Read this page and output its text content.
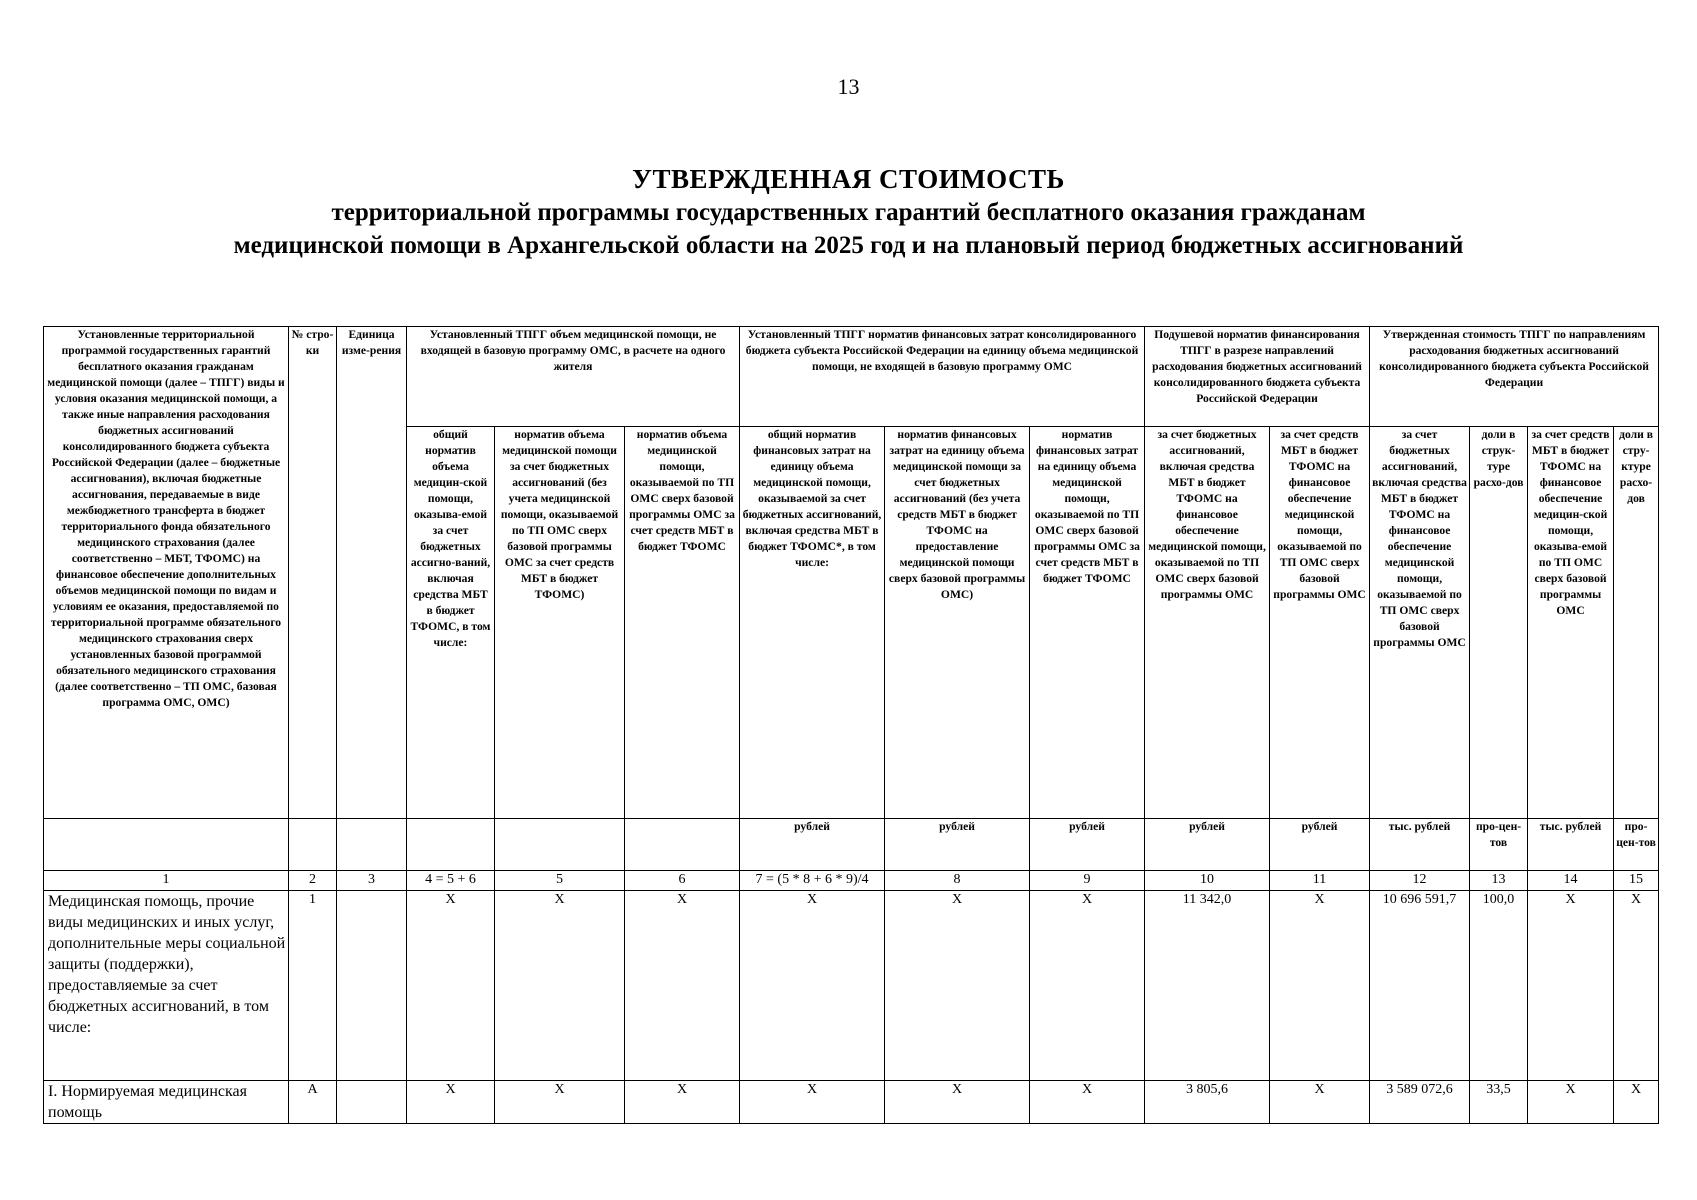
13
УТВЕРЖДЕННАЯ СТОИМОСТЬ
территориальной программы государственных гарантий бесплатного оказания гражданам
медицинской помощи в Архангельской области на 2025 год и на плановый период бюджетных ассигнований
Установленные территориальной программой государственных гарантий бесплатного оказания гражданам медицинской помощи (далее – ТПГГ) виды и условия оказания медицинской помощи, а также иные направления расходования бюджетных ассигнований консолидированного бюджета субъекта Российской Федерации (далее – бюджетные ассигнования), включая бюджетные ассигнования, передаваемые в виде межбюджетного трансферта в бюджет территориального фонда обязательного медицинского страхования (далее соответственно – МБТ, ТФОМС) на финансовое обеспечение дополнительных объемов медицинской помощи по видам и условиям ее оказания, предоставляемой по территориальной программе обязательного медицинского страхования сверх установленных базовой программой обязательного медицинского страхования (далее соответственно – ТП ОМС, базовая программа ОМС, ОМС)	№ стро-ки	Единица изме-рения	Установленный ТПГГ объем медицинской помощи, не входящей в базовую программу ОМС, в расчете на одного жителя			Установленный ТПГГ норматив финансовых затрат консолидированного бюджета субъекта Российской Федерации на единицу объема медицинской помощи, не входящей в базовую программу ОМС			Подушевой норматив финансирования ТПГГ в разрезе направлений расходования бюджетных ассигнований консолидированного бюджета субъекта Российской Федерации		Утвержденная стоимость ТПГГ по направлениям расходования бюджетных ассигнований консолидированного бюджета субъекта Российской Федерации			
			общий норматив объема медицин-ской помощи, оказыва-емой за счет бюджетных ассигно-ваний, включая средства МБТ в бюджет ТФОМС, в том числе:	норматив объема медицинской помощи за счет бюджетных ассигнований (без учета медицинской помощи, оказываемой по ТП ОМС сверх базовой программы ОМС за счет средств МБТ в бюджет ТФОМС)	норматив объема медицинской помощи, оказываемой по ТП ОМС сверх базовой программы ОМС за счет средств МБТ в бюджет ТФОМС	общий норматив финансовых затрат на единицу объема медицинской помощи, оказываемой за счет бюджетных ассигнований, включая средства МБТ в бюджет ТФОМС*, в том числе:	норматив финансовых затрат на единицу объема медицинской помощи за счет бюджетных ассигнований (без учета средств МБТ в бюджет ТФОМС на предоставление медицинской помощи сверх базовой программы ОМС)	норматив финансовых затрат на единицу объема медицинской помощи, оказываемой по ТП ОМС сверх базовой программы ОМС за счет средств МБТ в бюджет ТФОМС	за счет бюджетных ассигнований, включая средства МБТ в бюджет ТФОМС на финансовое обеспечение медицинской помощи, оказываемой по ТП ОМС сверх базовой программы ОМС	за счет средств МБТ в бюджет ТФОМС на финансовое обеспечение медицинской помощи, оказываемой по ТП ОМС сверх базовой программы ОМС	за счет бюджетных ассигнований, включая средства МБТ в бюджет ТФОМС на финансовое обеспечение медицинской помощи, оказываемой по ТП ОМС сверх базовой программы ОМС	доли в струк-туре расхо-дов	за счет средств МБТ в бюджет ТФОМС на финансовое обеспечение медицин-ской помощи, оказыва-емой по ТП ОМС сверх базовой программы ОМС	доли в стру-ктуре расхо-дов
						рублей	рублей	рублей	рублей	рублей	тыс. рублей	про-цен-тов	тыс. рублей	про-цен-тов
1	2	3	4 = 5 + 6	5	6	7 = (5 * 8 + 6 * 9)/4	8	9	10	11	12	13	14	15
Медицинская помощь, прочие виды медицинских и иных услуг, дополнительные меры социальной защиты (поддержки), предоставляемые за счет бюджетных ассигнований, в том числе:	1		X	X	X	X	X	X	11 342,0	X	10 696 591,7	100,0	X	X
I. Нормируемая медицинская помощь	А		X	X	X	X	X	X	3 805,6	X	3 589 072,6	33,5	X	X
